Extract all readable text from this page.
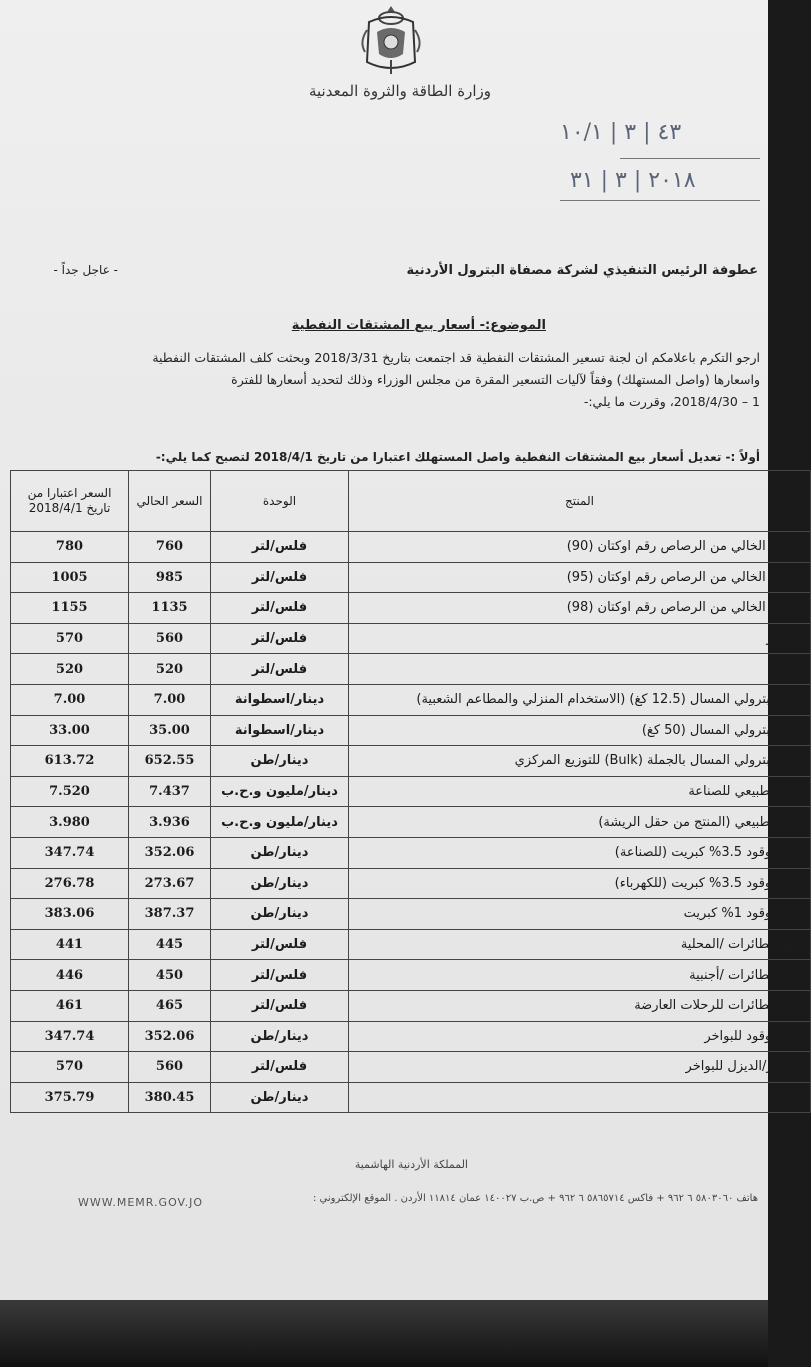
وزارة الطاقة والثروة المعدنية
٤٣ | ٣ | ١٠/١
٢٠١٨ | ٣ | ٣١
عطوفة الرئيس التنفيذي لشركة مصفاة البترول الأردنية
- عاجل جداً -
الموضوع:- أسعار بيع المشتقات النفطية
ارجو التكرم باعلامكم ان لجنة تسعير المشتقات النفطية قد اجتمعت بتاريخ 2018/3/31 وبحثت كلف المشتقات النفطية
واسعارها (واصل المستهلك) وفقاً لآليات التسعير المقرة من مجلس الوزراء وذلك لتحديد أسعارها للفترة
1 – 2018/4/30، وقررت ما يلي:-
أولاً :- تعديل أسعار بيع المشتقات النفطية واصل المستهلك اعتبارا من تاريخ 2018/4/1 لتصبح كما يلي:-
السعر اعتبارا من تاريخ 2018/4/1	السعر الحالي	الوحدة	المنتج
780	760	فلس/لتر	البنزين الخالي من الرصاص رقم اوكتان (90)
1005	985	فلس/لتر	البنزين الخالي من الرصاص رقم اوكتان (95)
1155	1135	فلس/لتر	البنزين الخالي من الرصاص رقم اوكتان (98)
570	560	فلس/لتر	السولار
520	520	فلس/لتر	الكاز
7.00	7.00	دينار/اسطوانة	الغاز البترولي المسال (12.5 كغ) (الاستخدام المنزلي والمطاعم الشعبية)
33.00	35.00	دينار/اسطوانة	الغاز البترولي المسال (50 كغ)
613.72	652.55	دينار/طن	الغاز البترولي المسال بالجملة (Bulk) للتوزيع المركزي
7.520	7.437	دينار/مليون و.ح.ب	الغاز الطبيعي للصناعة
3.980	3.936	دينار/مليون و.ح.ب	الغاز الطبيعي (المنتج من حقل الريشة)
347.74	352.06	دينار/طن	زيت الوقود 3.5% كبريت (للصناعة)
276.78	273.67	دينار/طن	زيت الوقود 3.5% كبريت (للكهرباء)
383.06	387.37	دينار/طن	زيت الوقود 1% كبريت
441	445	فلس/لتر	وقود الطائرات /المحلية
446	450	فلس/لتر	وقود الطائرات /أجنبية
461	465	فلس/لتر	وقود الطائرات للرحلات العارضة
347.74	352.06	دينار/طن	زيت الوقود للبواخر
570	560	فلس/لتر	السولار/الديزل للبواخر
375.79	380.45	دينار/طن	
المملكة الأردنية الهاشمية
هاتف ٥٨٠٣٠٦٠ ٦ ٩٦٢ + فاكس ٥٨٦٥٧١٤ ٦ ٩٦٢ + ص.ب ١٤٠٠٢٧ عمان ١١٨١٤ الأردن . الموقع الإلكتروني :
WWW.MEMR.GOV.JO
